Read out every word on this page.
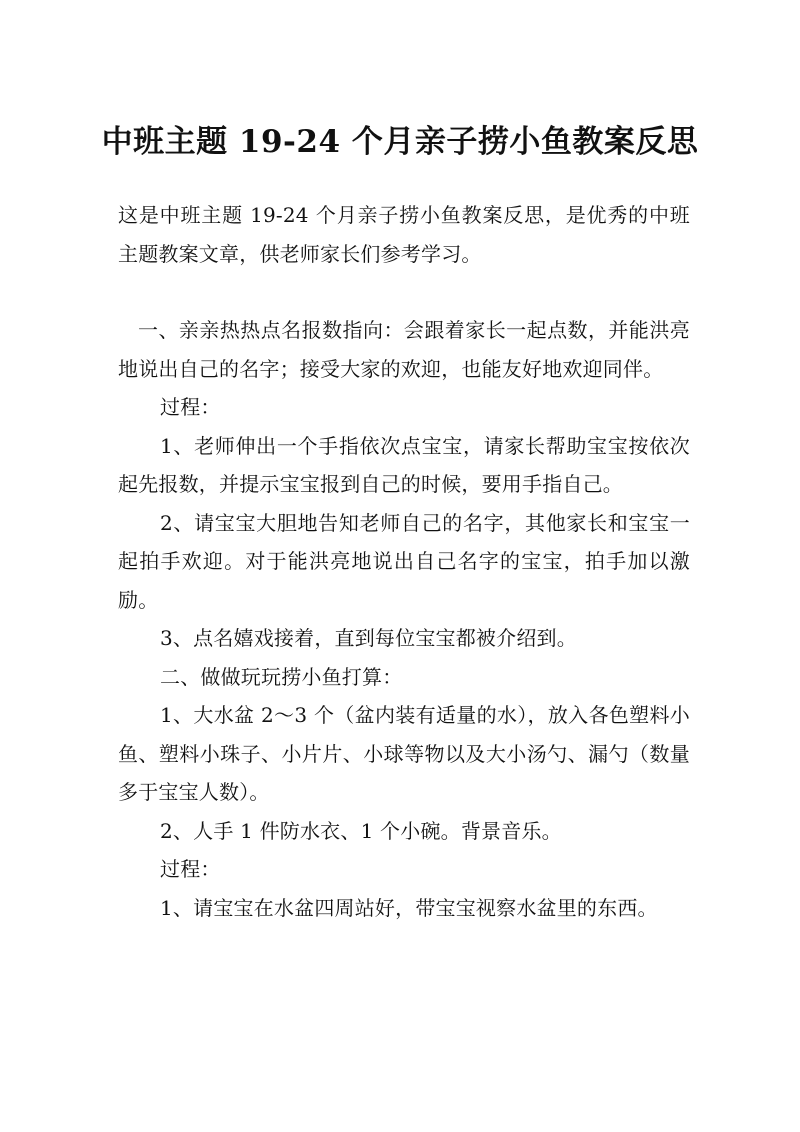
中班主题 19-24 个月亲子捞小鱼教案反思

这是中班主题 19-24 个月亲子捞小鱼教案反思，是优秀的中班主题教案文章，供老师家长们参考学习。

一、亲亲热热点名报数指向：会跟着家长一起点数，并能洪亮地说出自己的名字；接受大家的欢迎，也能友好地欢迎同伴。

过程：

1、老师伸出一个手指依次点宝宝，请家长帮助宝宝按依次起先报数，并提示宝宝报到自己的时候，要用手指自己。

2、请宝宝大胆地告知老师自己的名字，其他家长和宝宝一起拍手欢迎。对于能洪亮地说出自己名字的宝宝，拍手加以激励。

3、点名嬉戏接着，直到每位宝宝都被介绍到。

二、做做玩玩捞小鱼打算：

1、大水盆 2～3 个（盆内装有适量的水），放入各色塑料小鱼、塑料小珠子、小片片、小球等物以及大小汤勺、漏勺（数量多于宝宝人数）。

2、人手 1 件防水衣、1 个小碗。背景音乐。

过程：

1、请宝宝在水盆四周站好，带宝宝视察水盆里的东西。
